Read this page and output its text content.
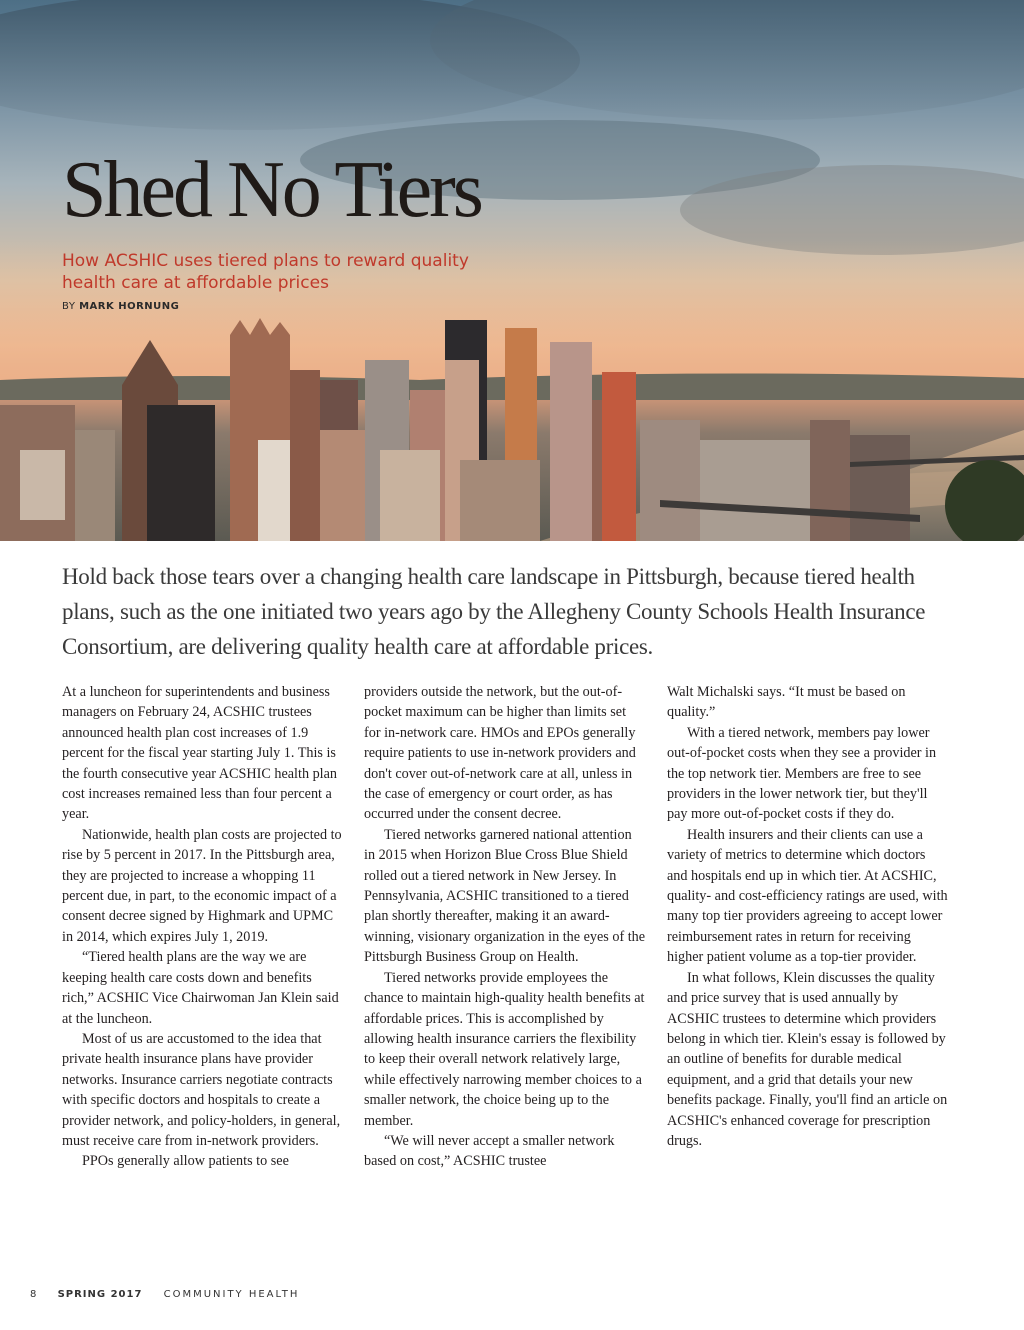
Shed No Tiers
How ACSHIC uses tiered plans to reward quality health care at affordable prices
BY MARK HORNUNG

Hold back those tears over a changing health care landscape in Pittsburgh, because tiered health plans, such as the one initiated two years ago by the Allegheny County Schools Health Insurance Consortium, are delivering quality health care at affordable prices.

At a luncheon for superintendents and business managers on February 24, ACSHIC trustees announced health plan cost increases of 1.9 percent for the fiscal year starting July 1. This is the fourth consecutive year ACSHIC health plan cost increases remained less than four percent a year.

Nationwide, health plan costs are projected to rise by 5 percent in 2017. In the Pittsburgh area, they are projected to increase a whopping 11 percent due, in part, to the economic impact of a consent decree signed by Highmark and UPMC in 2014, which expires July 1, 2019.

“Tiered health plans are the way we are keeping health care costs down and benefits rich,” ACSHIC Vice Chairwoman Jan Klein said at the luncheon.

Most of us are accustomed to the idea that private health insurance plans have provider networks. Insurance carriers negotiate contracts with specific doctors and hospitals to create a provider network, and policy-holders, in general, must receive care from in-network providers.

PPOs generally allow patients to see

providers outside the network, but the out-of-pocket maximum can be higher than limits set for in-network care. HMOs and EPOs generally require patients to use in-network providers and don't cover out-of-network care at all, unless in the case of emergency or court order, as has occurred under the consent decree.

Tiered networks garnered national attention in 2015 when Horizon Blue Cross Blue Shield rolled out a tiered network in New Jersey. In Pennsylvania, ACSHIC transitioned to a tiered plan shortly thereafter, making it an award-winning, visionary organization in the eyes of the Pittsburgh Business Group on Health.

Tiered networks provide employees the chance to maintain high-quality health benefits at affordable prices. This is accomplished by allowing health insurance carriers the flexibility to keep their overall network relatively large, while effectively narrowing member choices to a smaller network, the choice being up to the member.

“We will never accept a smaller network based on cost,” ACSHIC trustee

Walt Michalski says. “It must be based on quality.”

With a tiered network, members pay lower out-of-pocket costs when they see a provider in the top network tier. Members are free to see providers in the lower network tier, but they'll pay more out-of-pocket costs if they do.

Health insurers and their clients can use a variety of metrics to determine which doctors and hospitals end up in which tier. At ACSHIC, quality- and cost-efficiency ratings are used, with many top tier providers agreeing to accept lower reimbursement rates in return for receiving higher patient volume as a top-tier provider.

In what follows, Klein discusses the quality and price survey that is used annually by ACSHIC trustees to determine which providers belong in which tier. Klein's essay is followed by an outline of benefits for durable medical equipment, and a grid that details your new benefits package. Finally, you'll find an article on ACSHIC's enhanced coverage for prescription drugs.

8 SPRING 2017 COMMUNITY HEALTH
